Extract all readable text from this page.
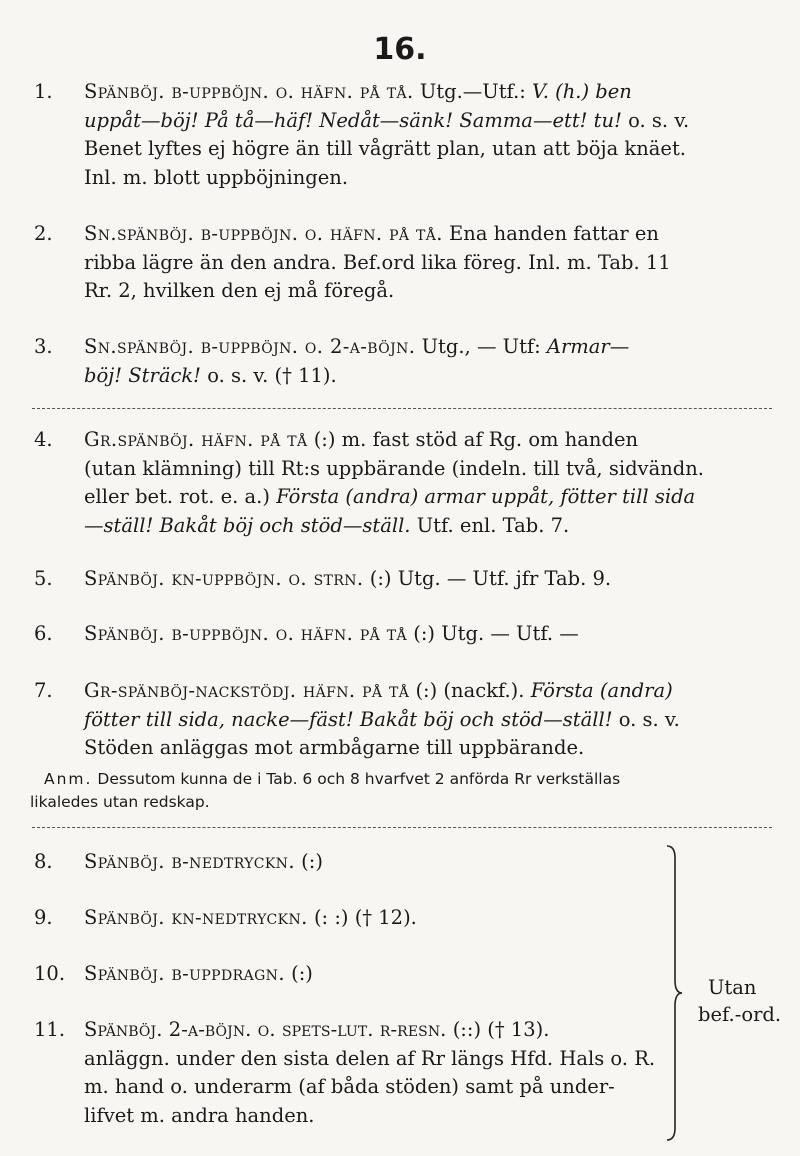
16.
1. Spänböj. b-uppböjn. o. häfn. på tå. Utg.—Utf.: V. (h.) ben
uppåt—böj! På tå—häf! Nedåt—sänk! Samma—ett! tu! o. s. v.
Benet lyftes ej högre än till vågrätt plan, utan att böja knäet.
Inl. m. blott uppböjningen.
2. Sn.spänböj. b-uppböjn. o. häfn. på tå. Ena handen fattar en
ribba lägre än den andra. Bef.ord lika föreg. Inl. m. Tab. 11
Rr. 2, hvilken den ej må föregå.
3. Sn.spänböj. b-uppböjn. o. 2-a-böjn. Utg., — Utf: Armar—
böj! Sträck! o. s. v. († 11).
4. Gr.spänböj. häfn. på tå (:) m. fast stöd af Rg. om handen
(utan klämning) till Rt:s uppbärande (indeln. till två, sidvändn.
eller bet. rot. e. a.) Första (andra) armar uppåt, fötter till sida
—ställ! Bakåt böj och stöd—ställ. Utf. enl. Tab. 7.
5. Spänböj. kn-uppböjn. o. strn. (:) Utg. — Utf. jfr Tab. 9.
6. Spänböj. b-uppböjn. o. häfn. på tå (:) Utg. — Utf. —
7. Gr-spänböj-nackstödj. häfn. på tå (:) (nackf.). Första (andra)
fötter till sida, nacke—fäst! Bakåt böj och stöd—ställ! o. s. v.
Stöden anläggas mot armbågarne till uppbärande.
Anm. Dessutom kunna de i Tab. 6 och 8 hvarfvet 2 anförda Rr verkställas
likaledes utan redskap.
8. Spänböj. b-nedtryckn. (:)
9. Spänböj. kn-nedtryckn. (: :) († 12).
10. Spänböj. b-uppdragn. (:)
11. Spänböj. 2-a-böjn. o. spets-lut. r-resn. (::) († 13).
anläggn. under den sista delen af Rr längs Hfd. Hals o. R.
m. hand o. underarm (af båda stöden) samt på under-
lifvet m. andra handen.
Utan
bef.-ord.
